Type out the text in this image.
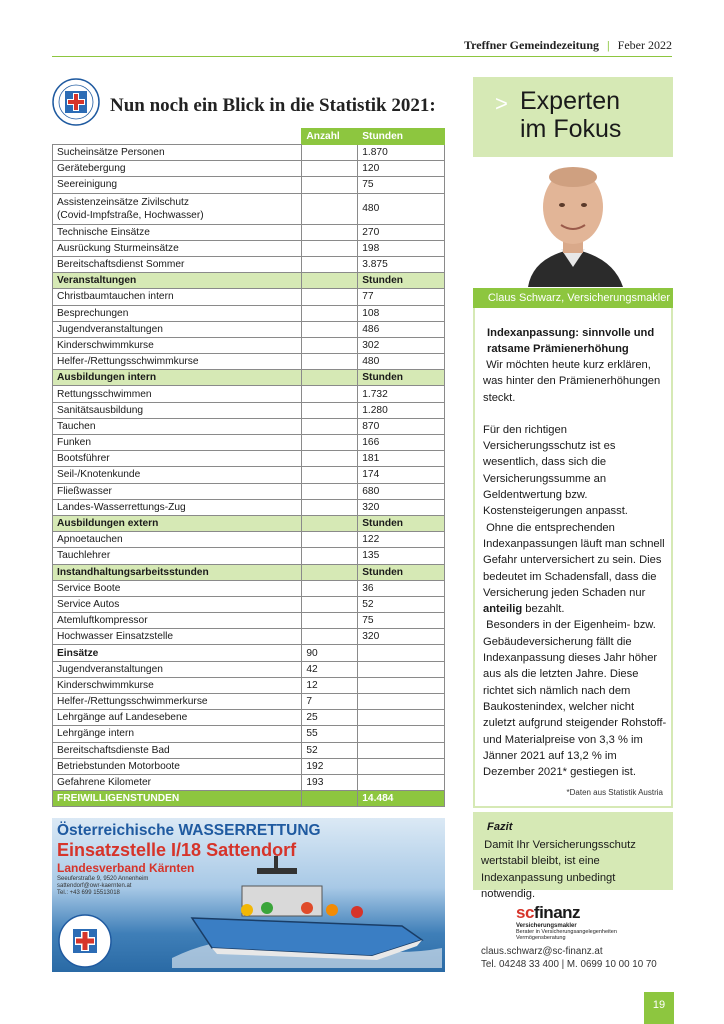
Treffner Gemeindezeitung | Feber 2022
Nun noch ein Blick in die Statistik 2021:
	Anzahl	Stunden
Sucheinsätze Personen		1.870
Gerätebergung		120
Seereinigung		75
Assistenzeinsätze Zivilschutz
(Covid-Impfstraße, Hochwasser)		480
Technische Einsätze		270
Ausrückung Sturmeinsätze		198
Bereitschaftsdienst Sommer		3.875
Veranstaltungen		Stunden
Christbaumtauchen intern		77
Besprechungen		108
Jugendveranstaltungen		486
Kinderschwimmkurse		302
Helfer-/Rettungsschwimmkurse		480
Ausbildungen intern		Stunden
Rettungsschwimmen		1.732
Sanitätsausbildung		1.280
Tauchen		870
Funken		166
Bootsführer		181
Seil-/Knotenkunde		174
Fließwasser		680
Landes-Wasserrettungs-Zug		320
Ausbildungen extern		Stunden
Apnoetauchen		122
Tauchlehrer		135
Instandhaltungsarbeitsstunden		Stunden
Service Boote		36
Service Autos		52
Atemluftkompressor		75
Hochwasser Einsatzstelle		320
Einsätze	90	
Jugendveranstaltungen	42	
Kinderschwimmkurse	12	
Helfer-/Rettungsschwimmerkurse	7	
Lehrgänge auf Landesebene	25	
Lehrgänge intern	55	
Bereitschaftsdienste Bad	52	
Betriebstunden Motorboote	192	
Gefahrene Kilometer	193	
FREIWILLIGENSTUNDEN		14.484
Österreichische WASSERRETTUNG
Einsatzstelle I/18 Sattendorf
Landesverband Kärnten
Seeuferstraße 9, 9520 Annenheim
sattendorf@owr-kaernten.at
Tel.: +43 699 15513018
> Experten
im Fokus
Claus Schwarz, Versicherungsmakler
Indexanpassung: sinnvolle und
ratsame Prämienerhöhung

Wir möchten heute kurz erklären, was hinter den Prämienerhöhungen steckt.

Für den richtigen Versicherungsschutz ist es wesentlich, dass sich die Versicherungssumme an Geldentwertung bzw. Kostensteigerungen anpasst.

Ohne die entsprechenden Indexanpassungen läuft man schnell Gefahr unterversichert zu sein. Dies bedeutet im Schadensfall, dass die Versicherung jeden Schaden nur anteilig bezahlt.

Besonders in der Eigenheim- bzw. Gebäudeversicherung fällt die Indexanpassung dieses Jahr höher aus als die letzten Jahre. Diese richtet sich nämlich nach dem Baukostenindex, welcher nicht zuletzt aufgrund steigender Rohstoff- und Materialpreise von 3,3 % im Jänner 2021 auf 13,2 % im Dezember 2021* gestiegen ist.

*Daten aus Statistik Austria
Fazit
Damit Ihr Versicherungsschutz wertstabil bleibt, ist eine Indexanpassung unbedingt notwendig.
scfinanz
Versicherungsmakler
Berater in Versicherungsangelegenheiten
Vermögensberatung
claus.schwarz@sc-finanz.at
Tel. 04248 33 400 | M. 0699 10 00 10 70
19
